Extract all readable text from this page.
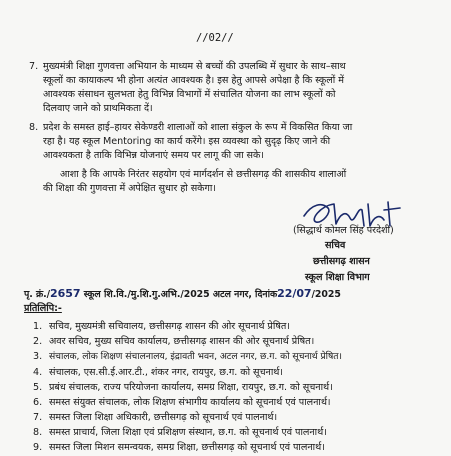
//02//
7. मुख्यमंत्री शिक्षा गुणवत्ता अभियान के माध्यम से बच्चों की उपलब्धि में सुधार के साथ–साथ
स्कूलों का कायाकल्प भी होना अत्यंत आवश्यक है। इस हेतु आपसे अपेक्षा है कि स्कूलों में
आवश्यक संसाधन सुलभता हेतु विभिन्न विभागों में संचालित योजना का लाभ स्कूलों को
दिलवाए जाने को प्राथमिकता दें।
8. प्रदेश के समस्त हाई–हायर सेकेण्डरी शालाओं को शाला संकुल के रूप में विकसित किया जा
रहा है। यह स्कूल Mentoring का कार्य करेंगे। इस व्यवस्था को सुदृढ़ किए जाने की
आवश्यकता है ताकि विभिन्न योजनाएं समय पर लागू की जा सके।
आशा है कि आपके निरंतर सहयोग एवं मार्गदर्शन से छत्तीसगढ़ की शासकीय शालाओं
की शिक्षा की गुणवत्ता में अपेक्षित सुधार हो सकेगा।
(सिद्धार्थ कोमल सिंह परदेशी)
सचिव
छत्तीसगढ़ शासन
स्कूल शिक्षा विभाग
पृ. क्रं./2657 स्कूल शि.वि./मु.शि.गु.अभि./2025 अटल नगर, दिनांक22/07/2025
प्रतिलिपि:-
1. सचिव, मुख्यमंत्री सचिवालय, छत्तीसगढ़ शासन की ओर सूचनार्थ प्रेषित।
2. अवर सचिव, मुख्य सचिव कार्यालय, छत्तीसगढ़ शासन की ओर सूचनार्थ प्रेषित।
3. संचालक, लोक शिक्षण संचालनालय, इंद्रावती भवन, अटल नगर, छ.ग. को सूचनार्थ प्रेषित।
4. संचालक, एस.सी.ई.आर.टी., शंकर नगर, रायपुर, छ.ग. को सूचनार्थ।
5. प्रबंध संचालक, राज्य परियोजना कार्यालय, समग्र शिक्षा, रायपुर, छ.ग. को सूचनार्थ।
6. समस्त संयुक्त संचालक, लोक शिक्षण संभागीय कार्यालय को सूचनार्थ एवं पालनार्थ।
7. समस्त जिला शिक्षा अधिकारी, छत्तीसगढ़ को सूचनार्थ एवं पालनार्थ।
8. समस्त प्राचार्य, जिला शिक्षा एवं प्रशिक्षण संस्थान, छ.ग. को सूचनार्थ एवं पालनार्थ।
9. समस्त जिला मिशन समन्वयक, समग्र शिक्षा, छत्तीसगढ़ को सूचनार्थ एवं पालनार्थ।
